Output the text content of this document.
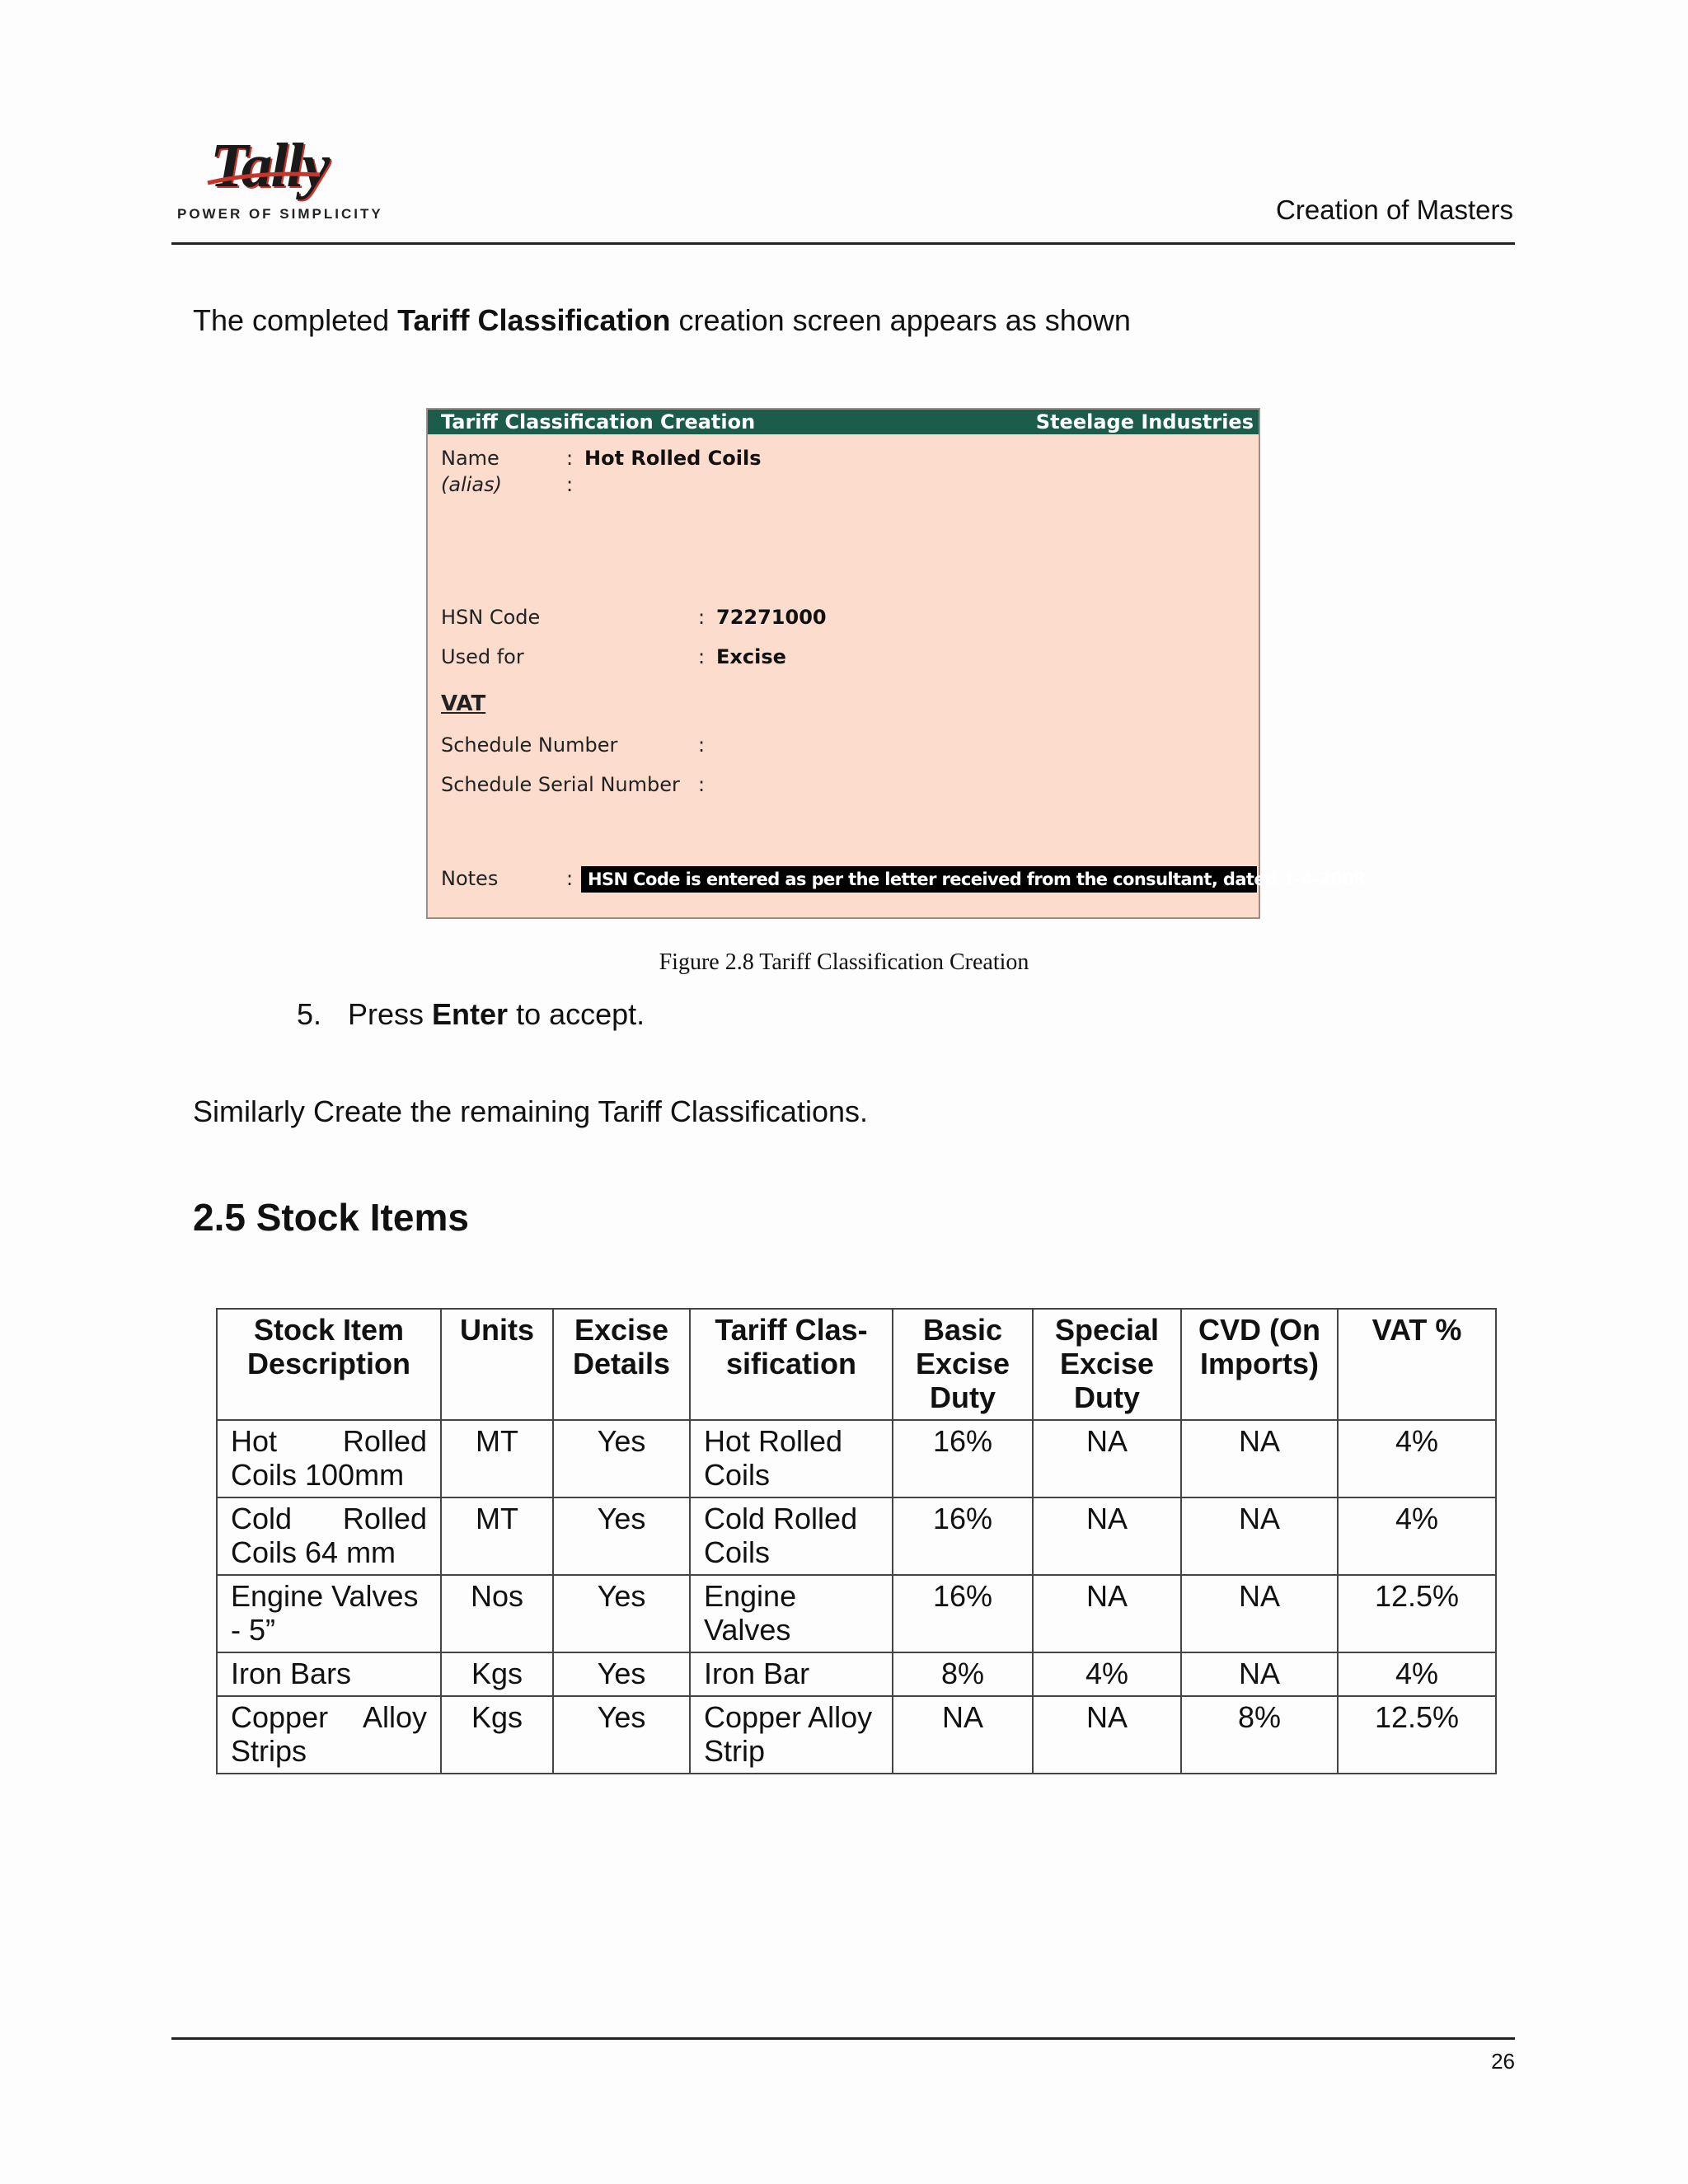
Tally
POWER OF SIMPLICITY	Creation of Masters
The completed Tariff Classification creation screen appears as shown
Tariff Classification Creation	Steelage Industries
Name	: Hot Rolled Coils
(alias)	:
HSN Code	: 72271000
Used for	: Excise
VAT
Schedule Number	:
Schedule Serial Number :
Notes	: HSN Code is entered as per the letter received from the consultant, dated 1-4-2008
Figure 2.8 Tariff Classification Creation
5. Press Enter to accept.
Similarly Create the remaining Tariff Classifications.
2.5 Stock Items
Stock Item Description	Units	Excise Details	Tariff Clas-sification	Basic Excise Duty	Special Excise Duty	CVD (On Imports)	VAT %
Hot Rolled Coils 100mm	MT	Yes	Hot Rolled Coils	16%	NA	NA	4%
Cold Rolled Coils 64 mm	MT	Yes	Cold Rolled Coils	16%	NA	NA	4%
Engine Valves - 5”	Nos	Yes	Engine Valves	16%	NA	NA	12.5%
Iron Bars	Kgs	Yes	Iron Bar	8%	4%	NA	4%
Copper Alloy Strips	Kgs	Yes	Copper Alloy Strip	NA	NA	8%	12.5%
26
